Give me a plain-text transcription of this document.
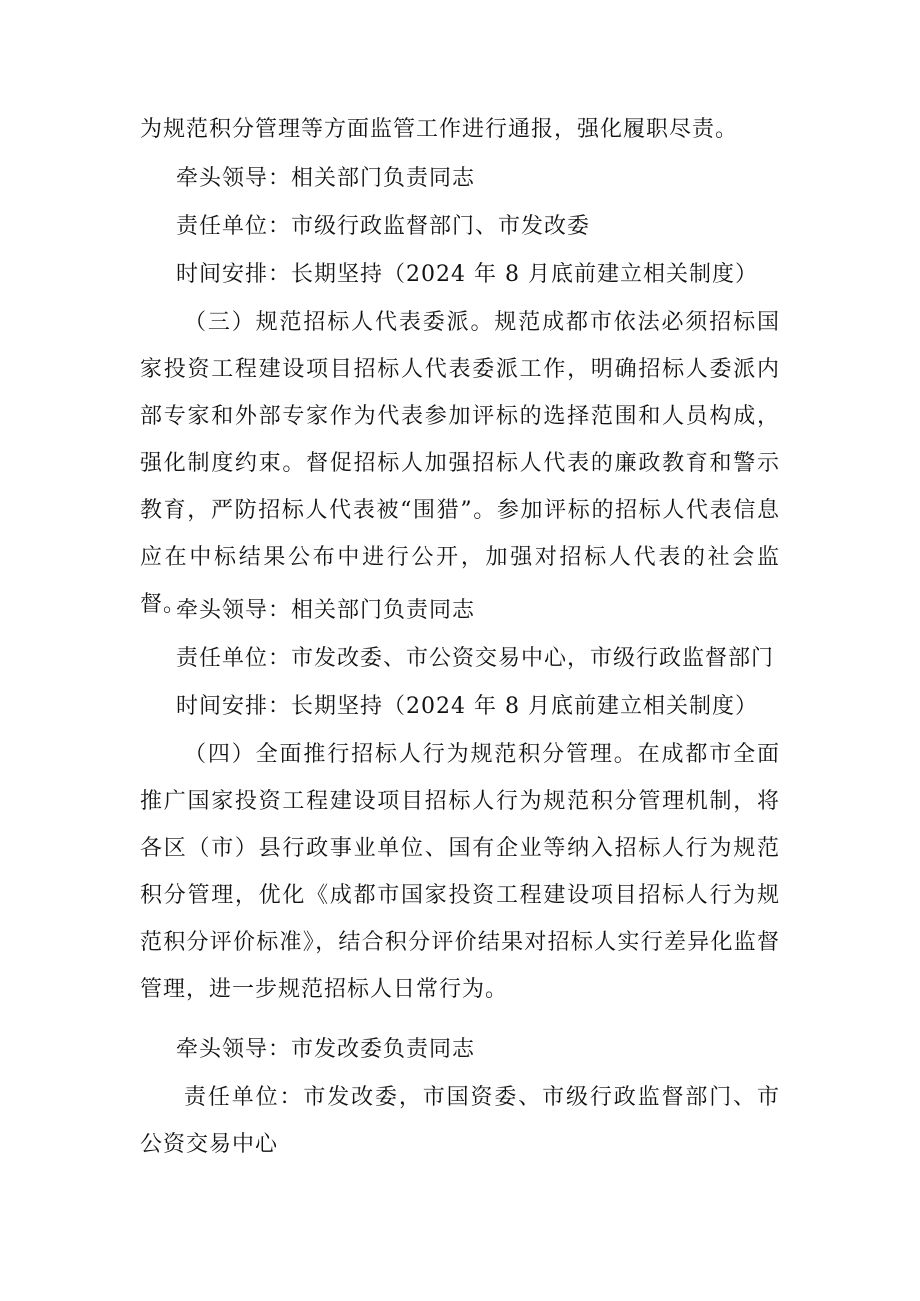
为规范积分管理等方面监管工作进行通报，强化履职尽责。
牵头领导：相关部门负责同志
责任单位：市级行政监督部门、市发改委
时间安排：长期坚持（2024 年 8 月底前建立相关制度）
（三）规范招标人代表委派。规范成都市依法必须招标国家投资工程建设项目招标人代表委派工作，明确招标人委派内部专家和外部专家作为代表参加评标的选择范围和人员构成，强化制度约束。督促招标人加强招标人代表的廉政教育和警示教育，严防招标人代表被“围猎”。参加评标的招标人代表信息应在中标结果公布中进行公开，加强对招标人代表的社会监督。
牵头领导：相关部门负责同志
责任单位：市发改委、市公资交易中心，市级行政监督部门
时间安排：长期坚持（2024 年 8 月底前建立相关制度）
（四）全面推行招标人行为规范积分管理。在成都市全面推广国家投资工程建设项目招标人行为规范积分管理机制，将各区（市）县行政事业单位、国有企业等纳入招标人行为规范积分管理，优化《成都市国家投资工程建设项目招标人行为规范积分评价标准》，结合积分评价结果对招标人实行差异化监督管理，进一步规范招标人日常行为。
牵头领导：市发改委负责同志
责任单位：市发改委，市国资委、市级行政监督部门、市公资交易中心
